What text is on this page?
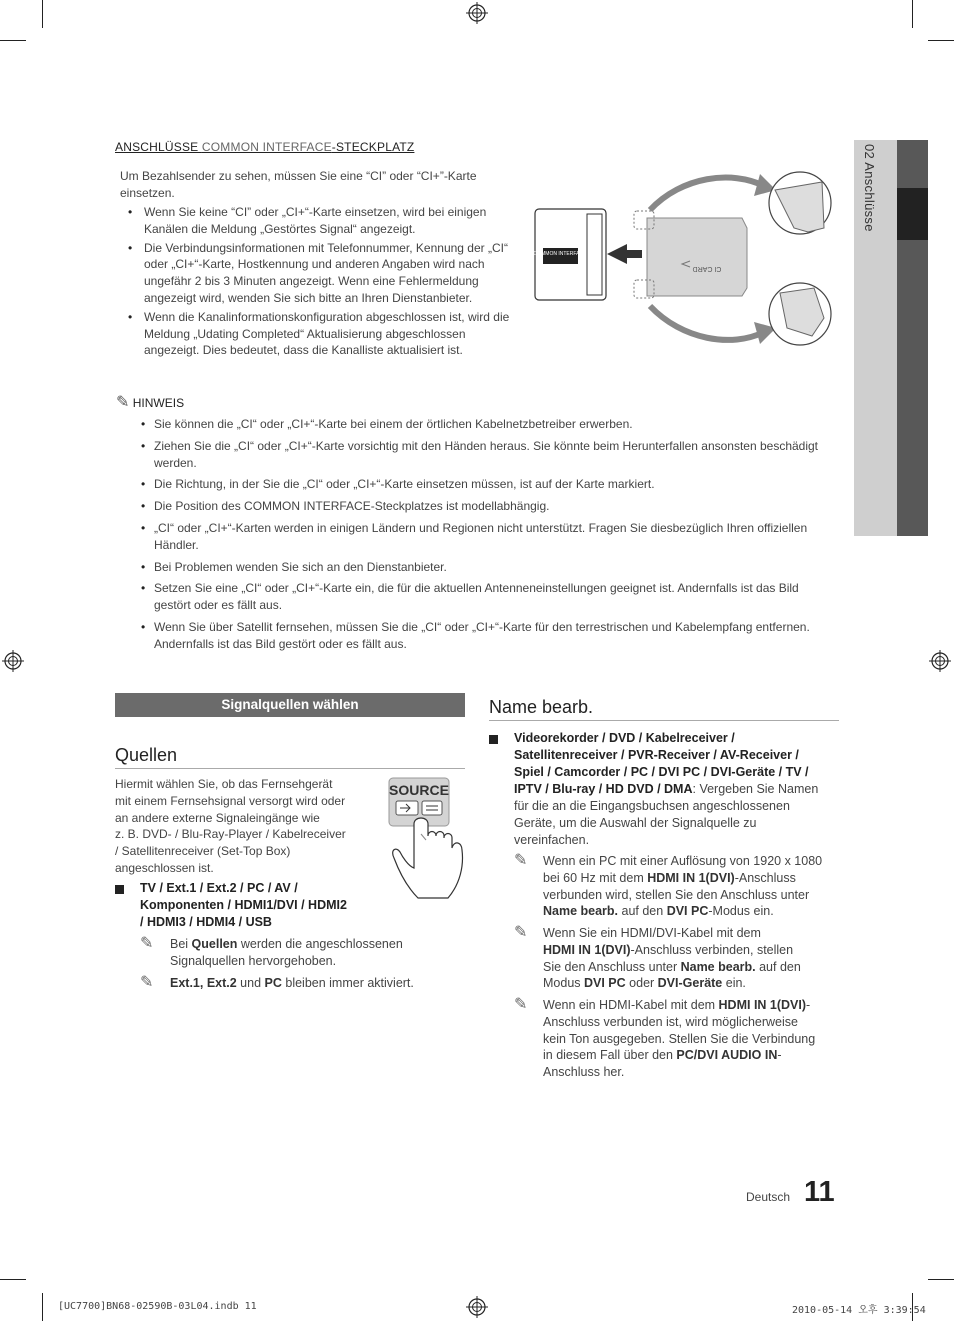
02 Anschlüsse
ANSCHLÜSSE COMMON INTERFACE-STECKPLATZ
Um Bezahlsender zu sehen, müssen Sie eine “CI” oder “CI+”-Karte
einsetzen.
• Wenn Sie keine “CI” oder „CI+“-Karte einsetzen, wird bei einigen Kanälen die Meldung „Gestörtes Signal“ angezeigt.
• Die Verbindungsinformationen mit Telefonnummer, Kennung der „CI“ oder „CI+“-Karte, Hostkennung und anderen Angaben wird nach ungefähr 2 bis 3 Minuten angezeigt. Wenn eine Fehlermeldung angezeigt wird, wenden Sie sich bitte an Ihren Dienstanbieter.
• Wenn die Kanalinformationskonfiguration abgeschlossen ist, wird die Meldung „Udating Completed“ Aktualisierung abgeschlossen angezeigt. Dies bedeutet, dass die Kanalliste aktualisiert ist.
COMMON INTERFACE
CI CARD
✎ HINWEIS
• Sie können die „CI“ oder „CI+“-Karte bei einem der örtlichen Kabelnetzbetreiber erwerben.
• Ziehen Sie die „CI“ oder „CI+“-Karte vorsichtig mit den Händen heraus. Sie könnte beim Herunterfallen ansonsten beschädigt werden.
• Die Richtung, in der Sie die „CI“ oder „CI+“-Karte einsetzen müssen, ist auf der Karte markiert.
• Die Position des COMMON INTERFACE-Steckplatzes ist modellabhängig.
• „CI“ oder „CI+“-Karten werden in einigen Ländern und Regionen nicht unterstützt. Fragen Sie diesbezüglich Ihren offiziellen Händler.
• Bei Problemen wenden Sie sich an den Dienstanbieter.
• Setzen Sie eine „CI“ oder „CI+“-Karte ein, die für die aktuellen Antenneneinstellungen geeignet ist. Andernfalls ist das Bild gestört oder es fällt aus.
• Wenn Sie über Satellit fernsehen, müssen Sie die „CI“ oder „CI+“-Karte für den terrestrischen und Kabelempfang entfernen. Andernfalls ist das Bild gestört oder es fällt aus.
Signalquellen wählen
Quellen
Hiermit wählen Sie, ob das Fernsehgerät
mit einem Fernsehsignal versorgt wird oder
an andere externe Signaleingänge wie
z. B. DVD- / Blu-Ray-Player / Kabelreceiver
/ Satellitenreceiver (Set-Top Box)
angeschlossen ist.
SOURCE
TV / Ext.1 / Ext.2 / PC / AV /
Komponenten / HDMI1/DVI / HDMI2
/ HDMI3 / HDMI4 / USB
✎ Bei Quellen werden die angeschlossenen
Signalquellen hervorgehoben.
✎ Ext.1, Ext.2 und PC bleiben immer aktiviert.
Name bearb.
Videorekorder / DVD / Kabelreceiver /
Satellitenreceiver / PVR-Receiver / AV-Receiver /
Spiel / Camcorder / PC / DVI PC / DVI-Geräte / TV /
IPTV / Blu-ray / HD DVD / DMA: Vergeben Sie Namen
für die an die Eingangsbuchsen angeschlossenen
Geräte, um die Auswahl der Signalquelle zu
vereinfachen.
✎ Wenn ein PC mit einer Auflösung von 1920 x 1080
bei 60 Hz mit dem HDMI IN 1(DVI)-Anschluss
verbunden wird, stellen Sie den Anschluss unter
Name bearb. auf den DVI PC-Modus ein.
✎ Wenn Sie ein HDMI/DVI-Kabel mit dem
HDMI IN 1(DVI)-Anschluss verbinden, stellen
Sie den Anschluss unter Name bearb. auf den
Modus DVI PC oder DVI-Geräte ein.
✎ Wenn ein HDMI-Kabel mit dem HDMI IN 1(DVI)-
Anschluss verbunden ist, wird möglicherweise
kein Ton ausgegeben. Stellen Sie die Verbindung
in diesem Fall über den PC/DVI AUDIO IN-
Anschluss her.
Deutsch 11
[UC7700]BN68-02590B-03L04.indb 11	2010-05-14 오후 3:39:54
